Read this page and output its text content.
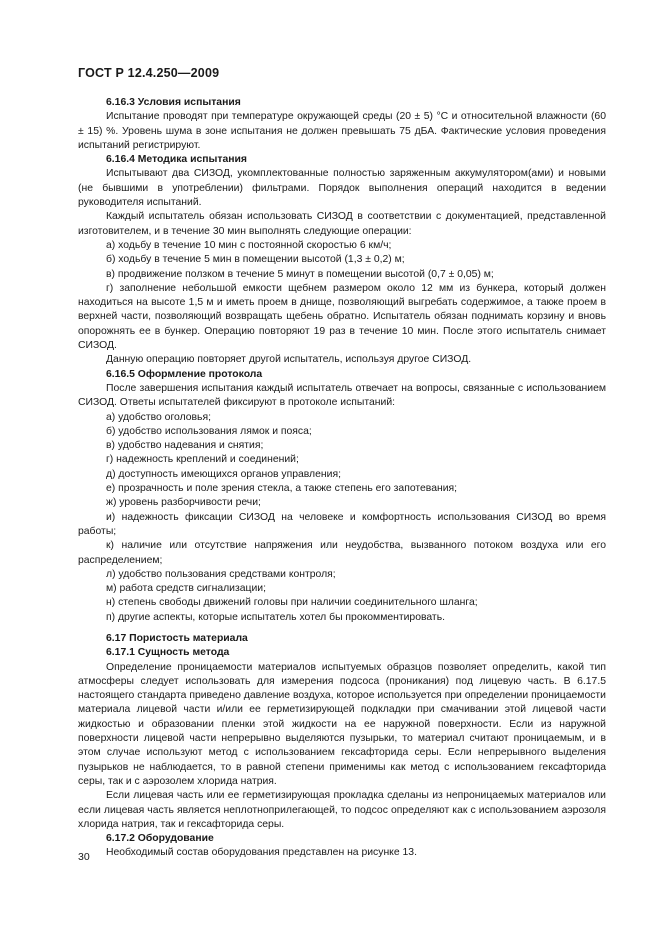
ГОСТ Р 12.4.250—2009

6.16.3 Условия испытания

Испытание проводят при температуре окружающей среды (20 ± 5) °C и относительной влажности (60 ± 15) %. Уровень шума в зоне испытания не должен превышать 75 дБА. Фактические условия проведения испытаний регистрируют.

6.16.4 Методика испытания

Испытывают два СИЗОД, укомплектованные полностью заряженным аккумулятором(ами) и новыми (не бывшими в употреблении) фильтрами. Порядок выполнения операций находится в ведении руководителя испытаний.

Каждый испытатель обязан использовать СИЗОД в соответствии с документацией, представленной изготовителем, и в течение 30 мин выполнять следующие операции:

а) ходьбу в течение 10 мин с постоянной скоростью 6 км/ч;

б) ходьбу в течение 5 мин в помещении высотой (1,3 ± 0,2) м;

в) продвижение ползком в течение 5 минут в помещении высотой (0,7 ± 0,05) м;

г) заполнение небольшой емкости щебнем размером около 12 мм из бункера, который должен находиться на высоте 1,5 м и иметь проем в днище, позволяющий выгребать содержимое, а также проем в верхней части, позволяющий возвращать щебень обратно. Испытатель обязан поднимать корзину и вновь опорожнять ее в бункер. Операцию повторяют 19 раз в течение 10 мин. После этого испытатель снимает СИЗОД.

Данную операцию повторяет другой испытатель, используя другое СИЗОД.

6.16.5 Оформление протокола

После завершения испытания каждый испытатель отвечает на вопросы, связанные с использованием СИЗОД. Ответы испытателей фиксируют в протоколе испытаний:

а) удобство оголовья;

б) удобство использования лямок и пояса;

в) удобство надевания и снятия;

г) надежность креплений и соединений;

д) доступность имеющихся органов управления;

е) прозрачность и поле зрения стекла, а также степень его запотевания;

ж) уровень разборчивости речи;

и) надежность фиксации СИЗОД на человеке и комфортность использования СИЗОД во время работы;

к) наличие или отсутствие напряжения или неудобства, вызванного потоком воздуха или его распределением;

л) удобство пользования средствами контроля;

м) работа средств сигнализации;

н) степень свободы движений головы при наличии соединительного шланга;

п) другие аспекты, которые испытатель хотел бы прокомментировать.

6.17 Пористость материала

6.17.1 Сущность метода

Определение проницаемости материалов испытуемых образцов позволяет определить, какой тип атмосферы следует использовать для измерения подсоса (проникания) под лицевую часть. В 6.17.5 настоящего стандарта приведено давление воздуха, которое используется при определении проницаемости материала лицевой части и/или ее герметизирующей подкладки при смачивании этой лицевой части жидкостью и образовании пленки этой жидкости на ее наружной поверхности. Если из наружной поверхности лицевой части непрерывно выделяются пузырьки, то материал считают проницаемым, и в этом случае используют метод с использованием гексафторида серы. Если непрерывного выделения пузырьков не наблюдается, то в равной степени применимы как метод с использованием гексафторида серы, так и с аэрозолем хлорида натрия.

Если лицевая часть или ее герметизирующая прокладка сделаны из непроницаемых материалов или если лицевая часть является неплотноприлегающей, то подсос определяют как с использованием аэрозоля хлорида натрия, так и гексафторида серы.

6.17.2 Оборудование

Необходимый состав оборудования представлен на рисунке 13.

30
